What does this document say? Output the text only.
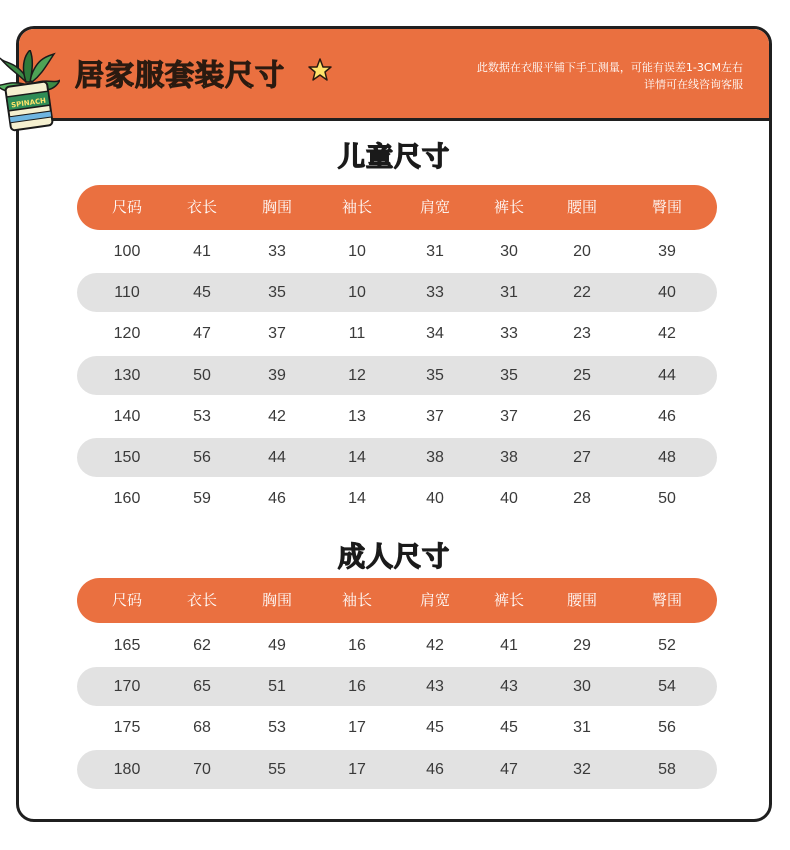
居家服套装尺寸	此数据在衣服平铺下手工测量，可能有误差1-3CM左右
详情可在线咨询客服
儿童尺寸
尺码	衣长	胸围	袖长	肩宽	裤长	腰围	臀围
100	41	33	10	31	30	20	39
110	45	35	10	33	31	22	40
120	47	37	11	34	33	23	42
130	50	39	12	35	35	25	44
140	53	42	13	37	37	26	46
150	56	44	14	38	38	27	48
160	59	46	14	40	40	28	50
成人尺寸
尺码	衣长	胸围	袖长	肩宽	裤长	腰围	臀围
165	62	49	16	42	41	29	52
170	65	51	16	43	43	30	54
175	68	53	17	45	45	31	56
180	70	55	17	46	47	32	58
SPINACH
